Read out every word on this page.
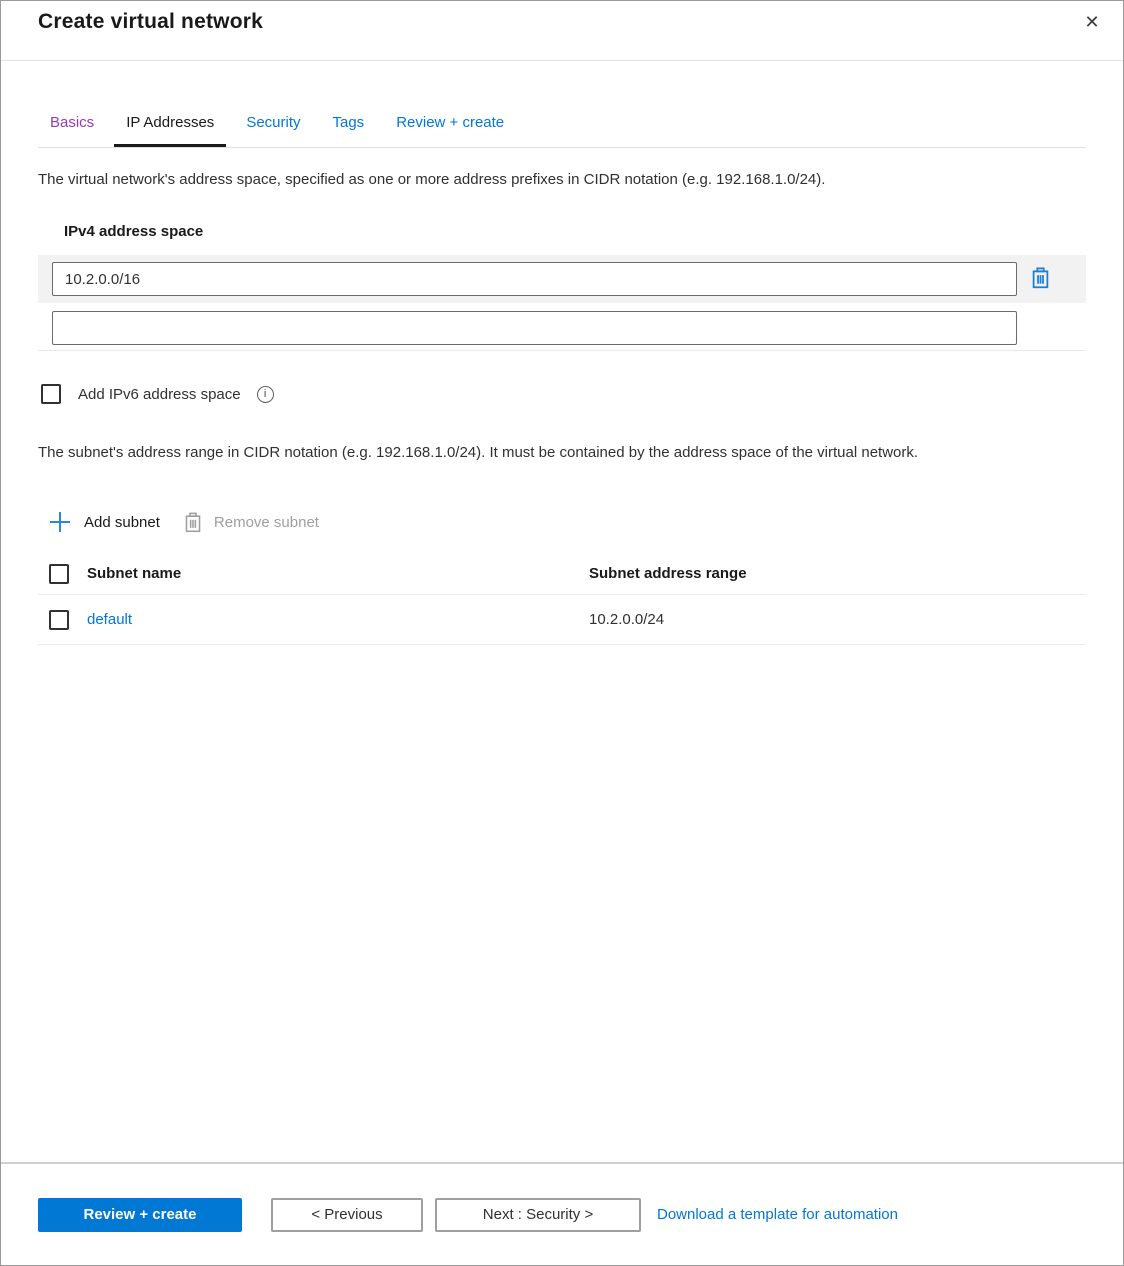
Create virtual network	✕
Basics	IP Addresses	Security	Tags	Review + create

The virtual network's address space, specified as one or more address prefixes in CIDR notation (e.g. 192.168.1.0/24).

IPv4 address space
10.2.0.0/16
Add IPv6 address space	i

The subnet's address range in CIDR notation (e.g. 192.168.1.0/24). It must be contained by the address space of the virtual network.

Add subnet	Remove subnet
Subnet name	Subnet address range
default	10.2.0.0/24
Review + create	< Previous	Next : Security >	Download a template for automation
